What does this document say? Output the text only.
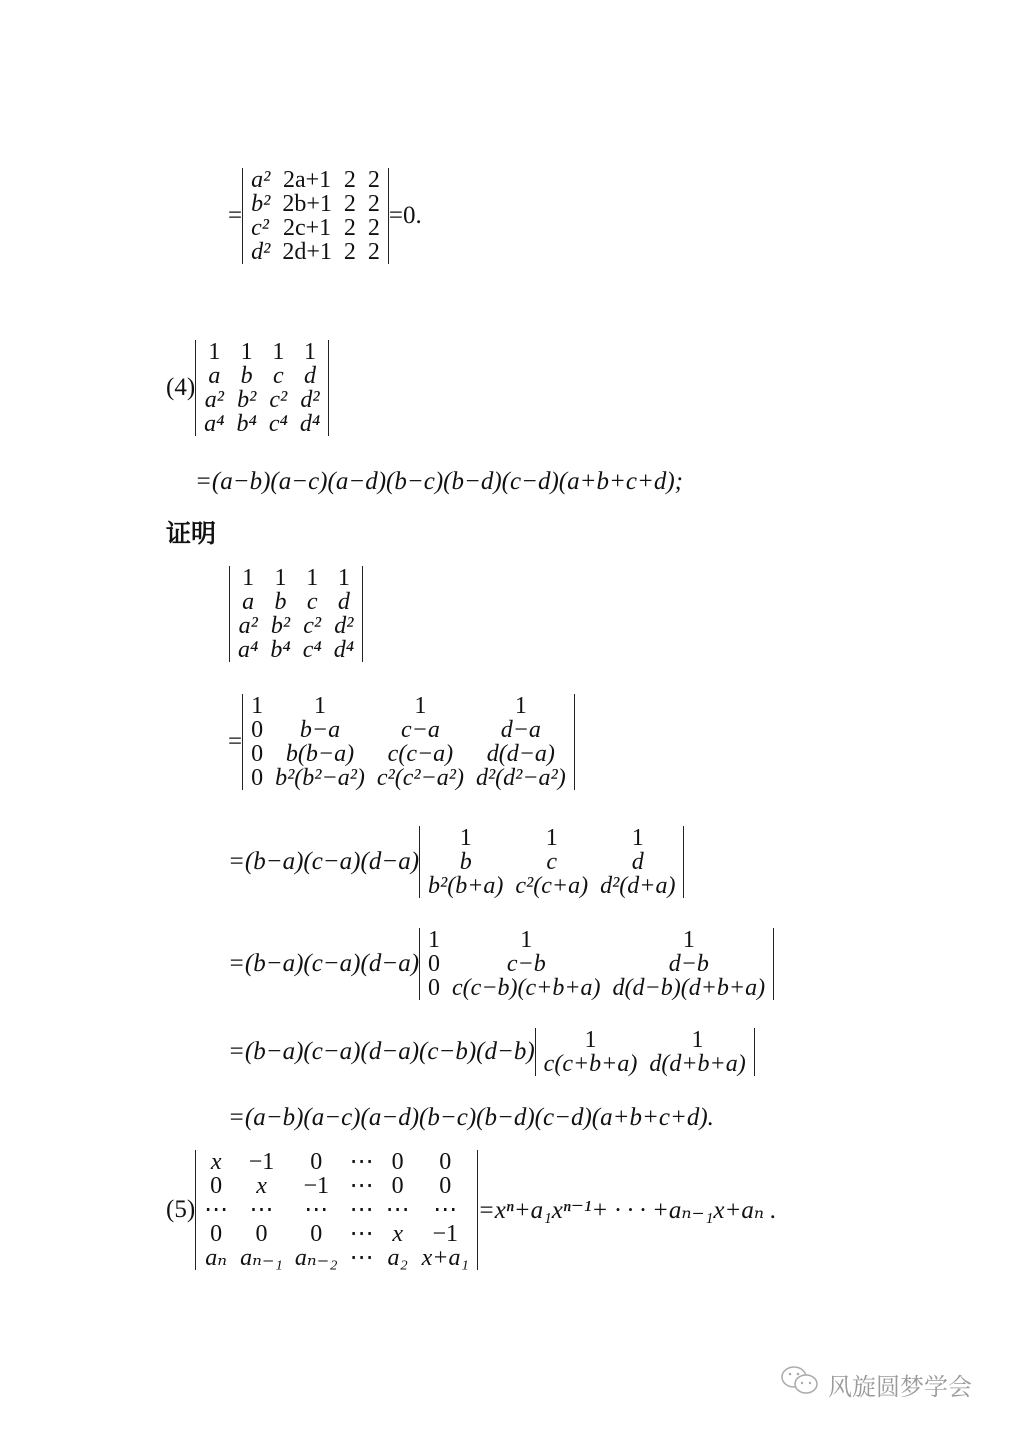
=
a²	2a+1	2	2
b²	2b+1	2	2
c²	2c+1	2	2
d²	2d+1	2	2
=0.
(4)
1	1	1	1
a	b	c	d
a²	b²	c²	d²
a⁴	b⁴	c⁴	d⁴
=(a−b)(a−c)(a−d)(b−c)(b−d)(c−d)(a+b+c+d);
证明
1	1	1	1
a	b	c	d
a²	b²	c²	d²
a⁴	b⁴	c⁴	d⁴
=
1	1	1	1
0	b−a	c−a	d−a
0	b(b−a)	c(c−a)	d(d−a)
0	b²(b²−a²)	c²(c²−a²)	d²(d²−a²)
=(b−a)(c−a)(d−a)
1	1	1
b	c	d
b²(b+a)	c²(c+a)	d²(d+a)
=(b−a)(c−a)(d−a)
1	1	1
0	c−b	d−b
0	c(c−b)(c+b+a)	d(d−b)(d+b+a)
=(b−a)(c−a)(d−a)(c−b)(d−b) 1	1
c(c+b+a)	d(d+b+a)
=(a−b)(a−c)(a−d)(b−c)(b−d)(c−d)(a+b+c+d).
(5)
x	−1	0	⋯	0	0
0	x	−1	⋯	0	0
⋯	⋯	⋯	⋯	⋯	⋯
0	0	0	⋯	x	−1
aₙ	aₙ₋₁	aₙ₋₂	⋯	a₂	x+a₁
=xⁿ+a₁xⁿ⁻¹+ · · · +aₙ₋₁x+aₙ .
风旋圆梦学会
